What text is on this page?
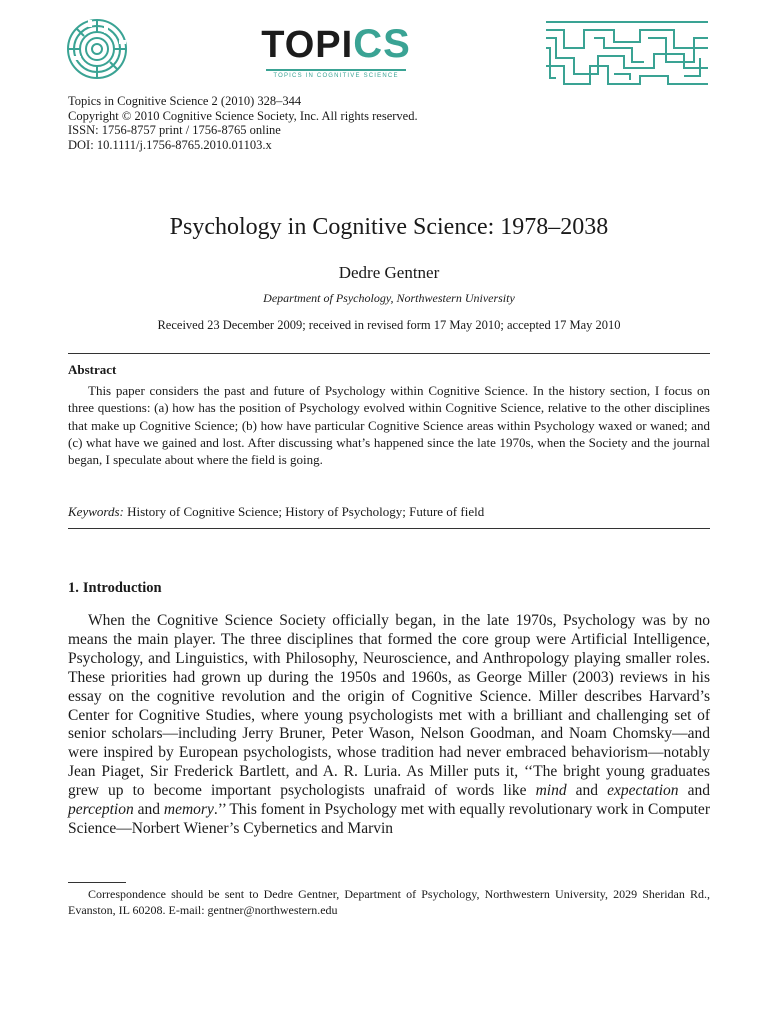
TOPICS
TOPICS IN COGNITIVE SCIENCE
Topics in Cognitive Science 2 (2010) 328–344
Copyright © 2010 Cognitive Science Society, Inc. All rights reserved.
ISSN: 1756-8757 print / 1756-8765 online
DOI: 10.1111/j.1756-8765.2010.01103.x
Psychology in Cognitive Science: 1978–2038
Dedre Gentner
Department of Psychology, Northwestern University
Received 23 December 2009; received in revised form 17 May 2010; accepted 17 May 2010
Abstract

This paper considers the past and future of Psychology within Cognitive Science. In the history section, I focus on three questions: (a) how has the position of Psychology evolved within Cognitive Science, relative to the other disciplines that make up Cognitive Science; (b) how have particular Cognitive Science areas within Psychology waxed or waned; and (c) what have we gained and lost. After discussing what’s happened since the late 1970s, when the Society and the journal began, I speculate about where the field is going.

Keywords: History of Cognitive Science; History of Psychology; Future of field
1. Introduction

When the Cognitive Science Society officially began, in the late 1970s, Psychology was by no means the main player. The three disciplines that formed the core group were Artificial Intelligence, Psychology, and Linguistics, with Philosophy, Neuroscience, and Anthropology playing smaller roles. These priorities had grown up during the 1950s and 1960s, as George Miller (2003) reviews in his essay on the cognitive revolution and the origin of Cognitive Science. Miller describes Harvard’s Center for Cognitive Studies, where young psychologists met with a brilliant and challenging set of senior scholars—including Jerry Bruner, Peter Wason, Nelson Goodman, and Noam Chomsky—and were inspired by European psychologists, whose tradition had never embraced behaviorism—notably Jean Piaget, Sir Frederick Bartlett, and A. R. Luria. As Miller puts it, ‘‘The bright young graduates grew up to become important psychologists unafraid of words like mind and expectation and perception and memory.’’ This foment in Psychology met with equally revolutionary work in Computer Science—Norbert Wiener’s Cybernetics and Marvin

Correspondence should be sent to Dedre Gentner, Department of Psychology, Northwestern University, 2029 Sheridan Rd., Evanston, IL 60208. E-mail: gentner@northwestern.edu
